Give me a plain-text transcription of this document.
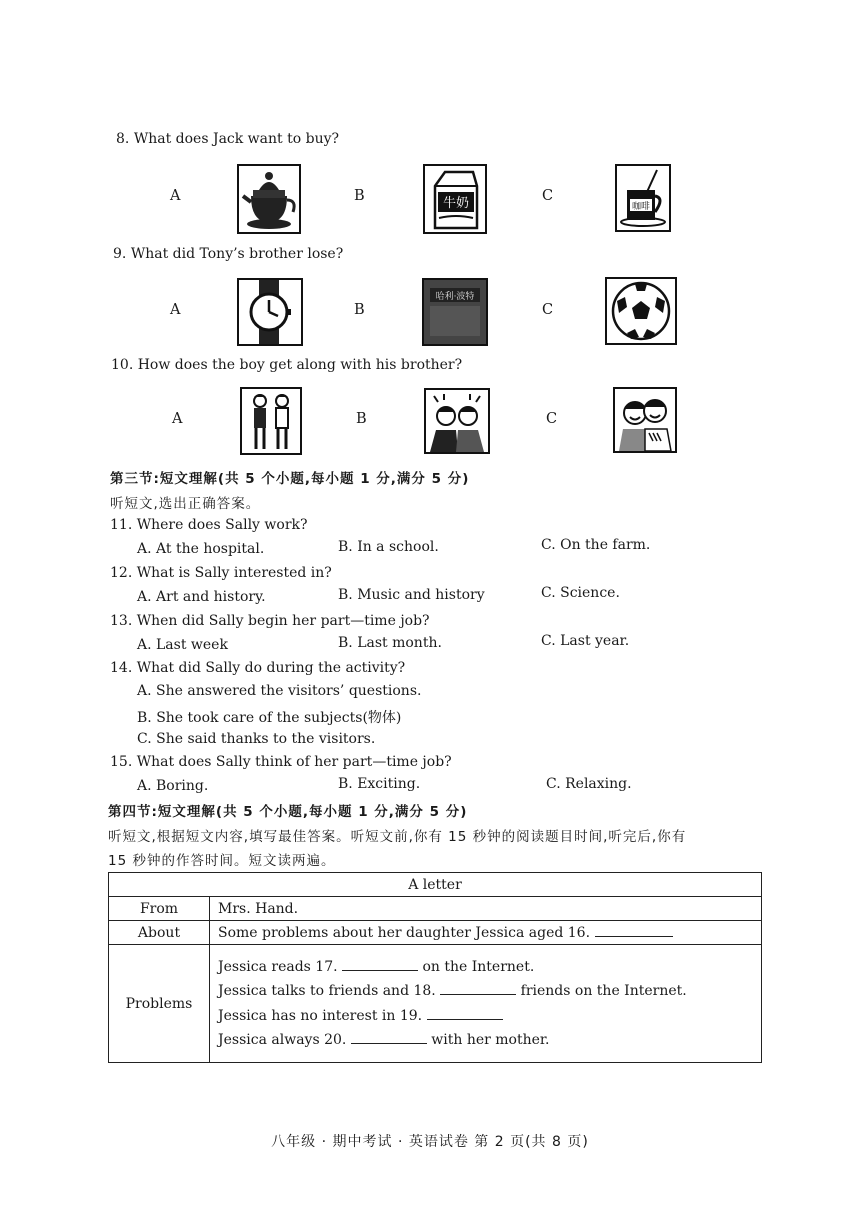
8. What does Jack want to buy?
A	B	牛奶	C
咖啡
9. What did Tony’s brother lose?
A	B
哈利·波特
C
10. How does the boy get along with his brother?
A	B	C
第三节:短文理解(共 5 个小题,每小题 1 分,满分 5 分)
听短文,选出正确答案。
11. Where does Sally work?
A. At the hospital.	B. In a school.	C. On the farm.
12. What is Sally interested in?
A. Art and history.	B. Music and history	C. Science.
13. When did Sally begin her part—time job?
A. Last week	B. Last month.	C. Last year.
14. What did Sally do during the activity?
A. She answered the visitors’ questions.
B. She took care of the subjects(物体)
C. She said thanks to the visitors.
15. What does Sally think of her part—time job?
A. Boring.	B. Exciting.	C. Relaxing.
第四节:短文理解(共 5 个小题,每小题 1 分,满分 5 分)
听短文,根据短文内容,填写最佳答案。听短文前,你有 15 秒钟的阅读题目时间,听完后,你有
15 秒钟的作答时间。短文读两遍。
A letter	
From	Mrs. Hand.
About	Some problems about her daughter Jessica aged 16.
Problems	Jessica reads 17. on the Internet.
Jessica talks to friends and 18. friends on the Internet.
Jessica has no interest in 19.
Jessica always 20. with her mother.
八年级 · 期中考试 · 英语试卷 第 2 页(共 8 页)
